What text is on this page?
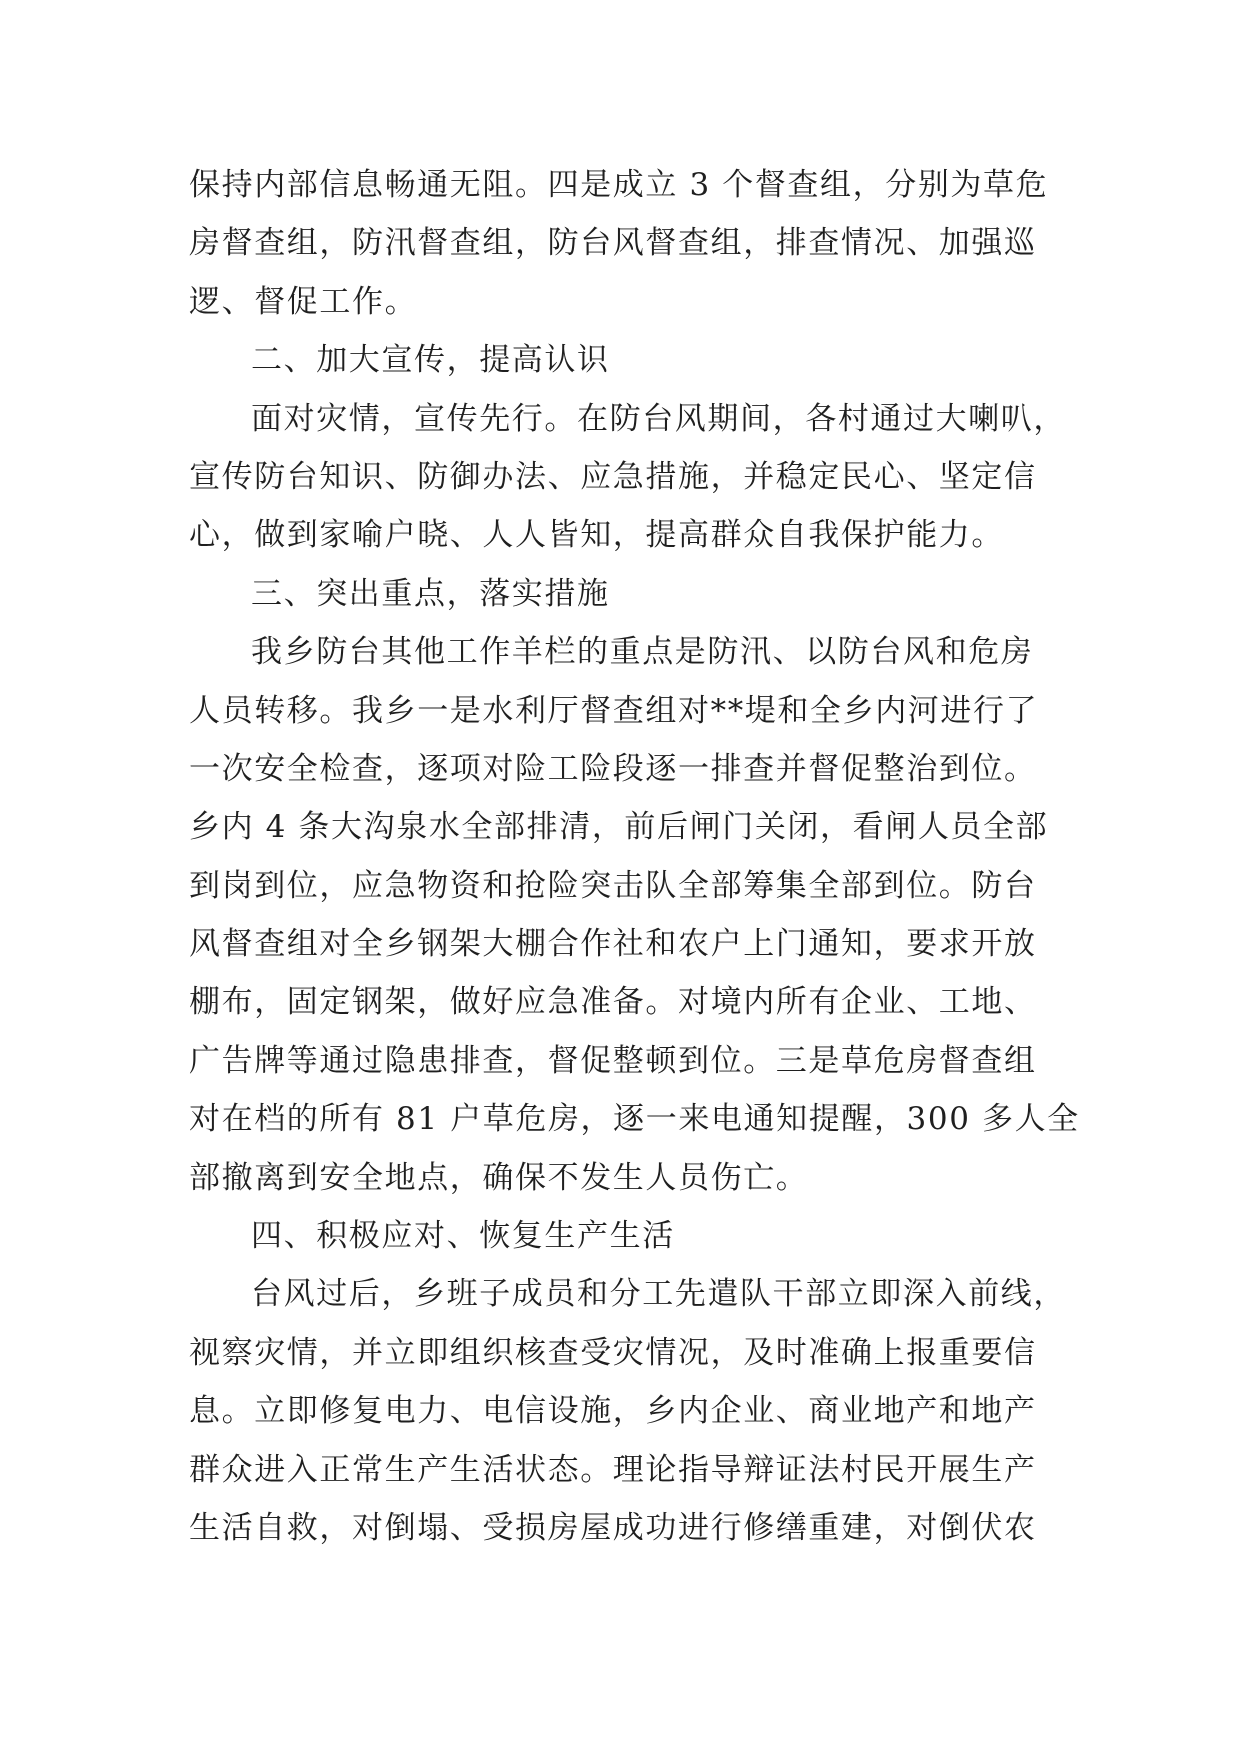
保持内部信息畅通无阻。四是成立 3 个督查组，分别为草危
房督查组，防汛督查组，防台风督查组，排查情况、加强巡
逻、督促工作。
二、加大宣传，提高认识
面对灾情，宣传先行。在防台风期间，各村通过大喇叭，
宣传防台知识、防御办法、应急措施，并稳定民心、坚定信
心，做到家喻户晓、人人皆知，提高群众自我保护能力。
三、突出重点，落实措施
我乡防台其他工作羊栏的重点是防汛、以防台风和危房
人员转移。我乡一是水利厅督查组对**堤和全乡内河进行了
一次安全检查，逐项对险工险段逐一排查并督促整治到位。
乡内 4 条大沟泉水全部排清，前后闸门关闭，看闸人员全部
到岗到位，应急物资和抢险突击队全部筹集全部到位。防台
风督查组对全乡钢架大棚合作社和农户上门通知，要求开放
棚布，固定钢架，做好应急准备。对境内所有企业、工地、
广告牌等通过隐患排查，督促整顿到位。三是草危房督查组
对在档的所有 81 户草危房，逐一来电通知提醒，300 多人全
部撤离到安全地点，确保不发生人员伤亡。
四、积极应对、恢复生产生活
台风过后，乡班子成员和分工先遣队干部立即深入前线，
视察灾情，并立即组织核查受灾情况，及时准确上报重要信
息。立即修复电力、电信设施，乡内企业、商业地产和地产
群众进入正常生产生活状态。理论指导辩证法村民开展生产
生活自救，对倒塌、受损房屋成功进行修缮重建，对倒伏农
